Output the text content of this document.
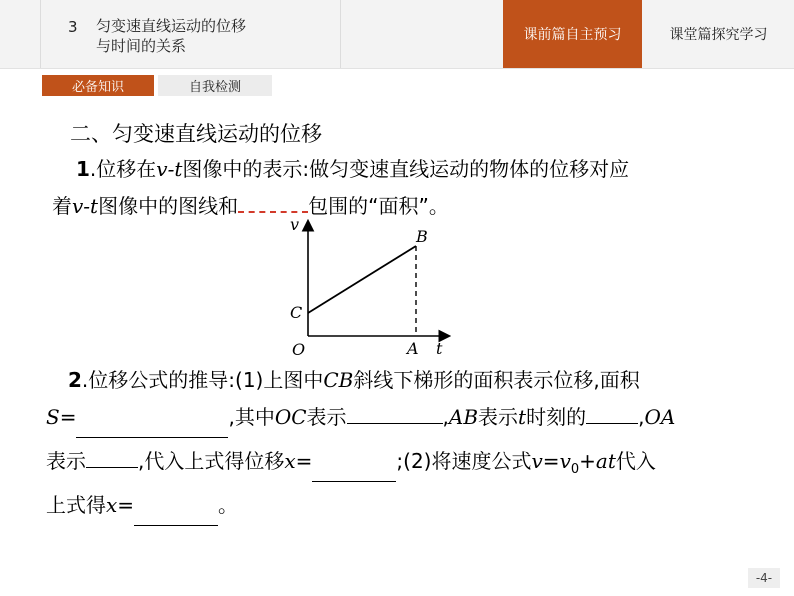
3 匀变速直线运动的位移
与时间的关系
课前篇自主预习	课堂篇探究学习
必备知识	自我检测
二、匀变速直线运动的位移
1.位移在v-t图像中的表示:做匀变速直线运动的物体的位移对应
着v-t图像中的图线和	包围的“面积”。
v
t
O
B
C
A
2.位移公式的推导:(1)上图中CB斜线下梯形的面积表示位移,面积
S=	,其中OC表示	,AB表示t时刻的	,OA
表示	,代入上式得位移x=	;(2)将速度公式$v=v_0+at$代入
上式得x=	。
-4-
